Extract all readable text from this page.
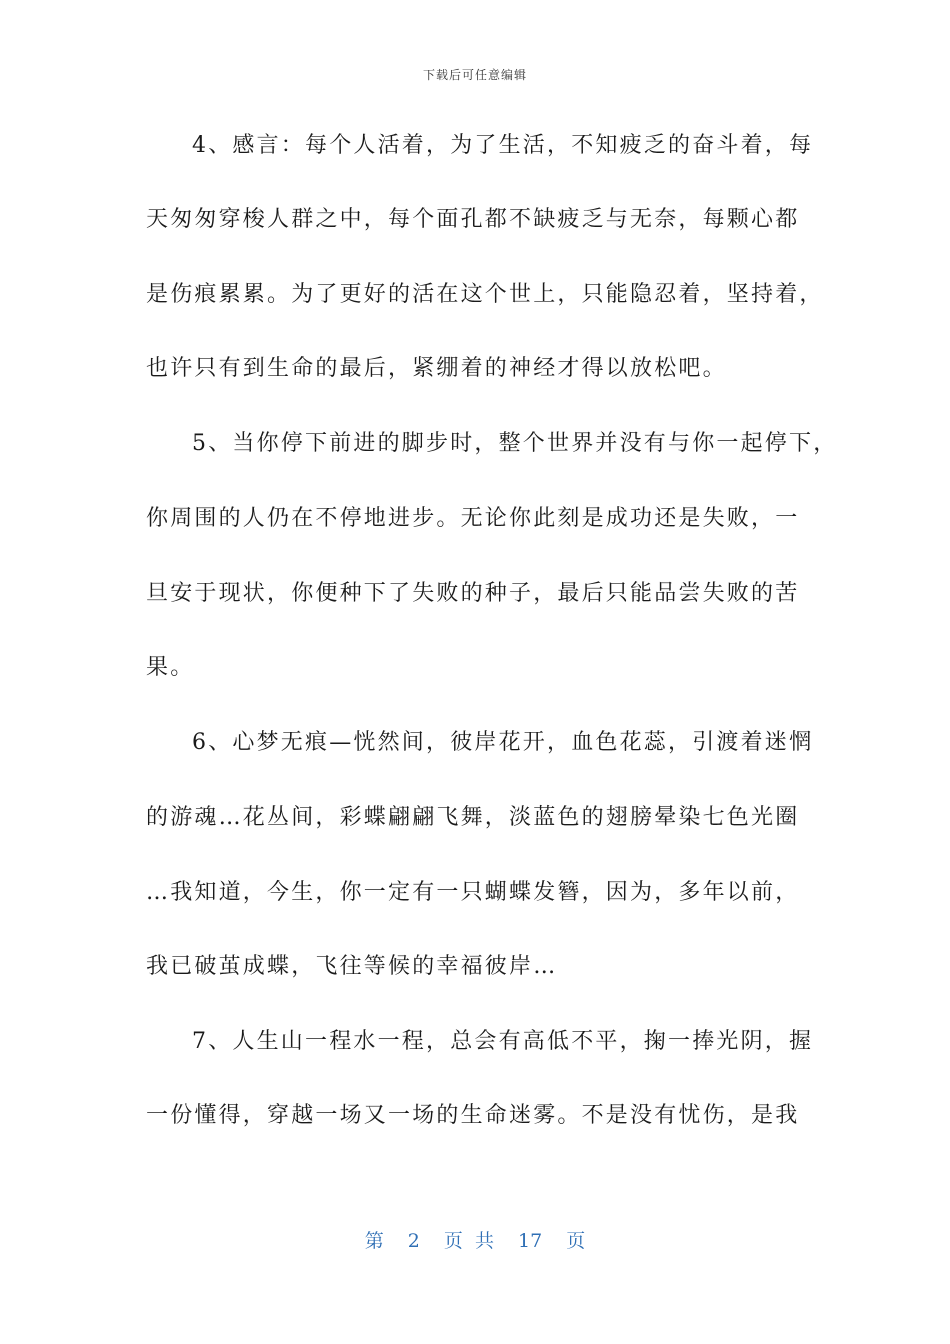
下载后可任意编辑
4、感言：每个人活着，为了生活，不知疲乏的奋斗着，每
天匆匆穿梭人群之中，每个面孔都不缺疲乏与无奈，每颗心都
是伤痕累累。为了更好的活在这个世上，只能隐忍着，坚持着，
也许只有到生命的最后，紧绷着的神经才得以放松吧。
5、当你停下前进的脚步时，整个世界并没有与你一起停下，
你周围的人仍在不停地进步。无论你此刻是成功还是失败，一
旦安于现状，你便种下了失败的种子，最后只能品尝失败的苦
果。
6、心梦无痕—恍然间，彼岸花开，血色花蕊，引渡着迷惘
的游魂…花丛间，彩蝶翩翩飞舞，淡蓝色的翅膀晕染七色光圈
…我知道，今生，你一定有一只蝴蝶发簪，因为，多年以前，
我已破茧成蝶，飞往等候的幸福彼岸…
7、人生山一程水一程，总会有高低不平，掬一捧光阴，握
一份懂得，穿越一场又一场的生命迷雾。不是没有忧伤，是我
第 2 页 共 17 页
